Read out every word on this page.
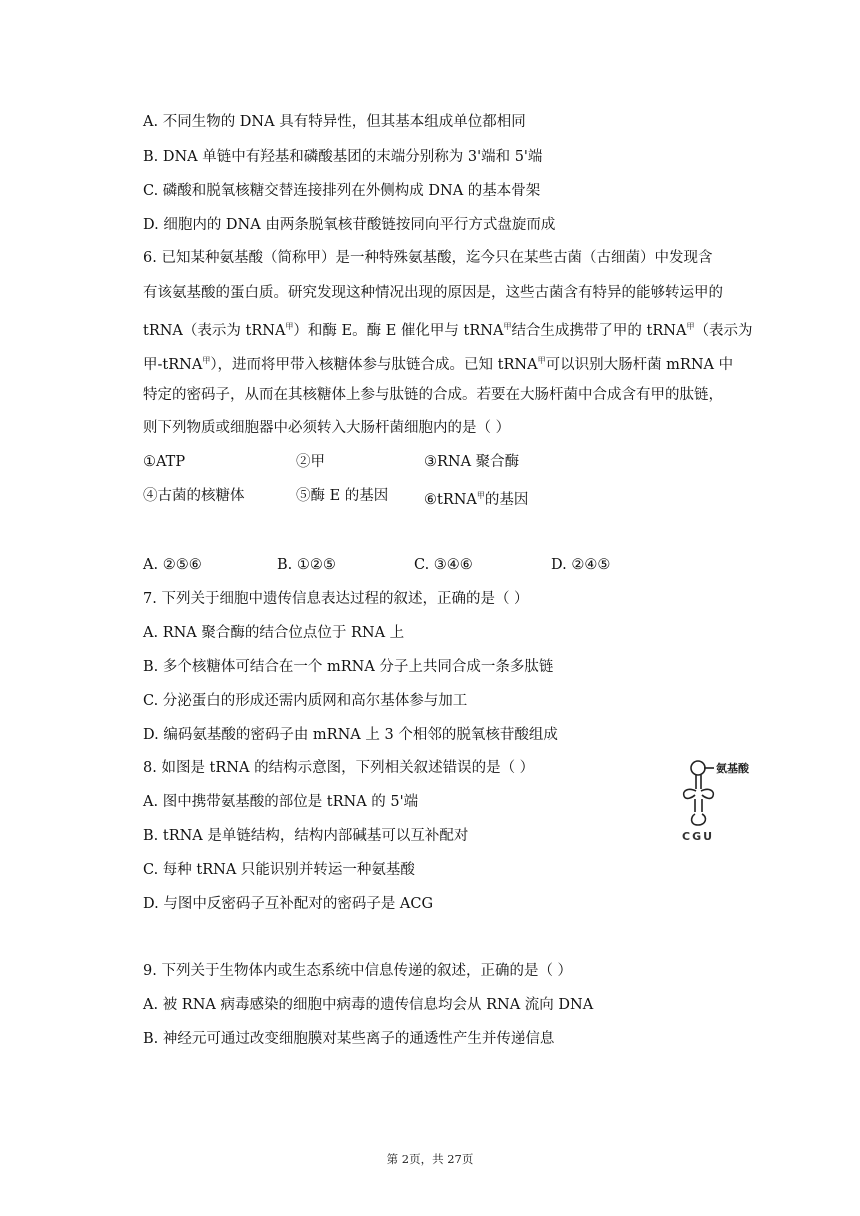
A. 不同生物的 DNA 具有特异性，但其基本组成单位都相同
B. DNA 单链中有羟基和磷酸基团的末端分别称为 3'端和 5'端
C. 磷酸和脱氧核糖交替连接排列在外侧构成 DNA 的基本骨架
D. 细胞内的 DNA 由两条脱氧核苷酸链按同向平行方式盘旋而成
6. 已知某种氨基酸（简称甲）是一种特殊氨基酸，迄今只在某些古菌（古细菌）中发现含
有该氨基酸的蛋白质。研究发现这种情况出现的原因是，这些古菌含有特异的能够转运甲的
tRNA（表示为 tRNA$^甲$）和酶 E。酶 E 催化甲与 tRNA$^甲$结合生成携带了甲的 tRNA$^甲$（表示为
甲-tRNA$^甲$），进而将甲带入核糖体参与肽链合成。已知 tRNA$^甲$可以识别大肠杆菌 mRNA 中
特定的密码子，从而在其核糖体上参与肽链的合成。若要在大肠杆菌中合成含有甲的肽链，
则下列物质或细胞器中必须转入大肠杆菌细胞内的是（ ）
①ATP	②甲	③RNA 聚合酶
④古菌的核糖体	⑤酶 E 的基因 ⑥tRNA$^甲$的基因
A. ②⑤⑥	B. ①②⑤	C. ③④⑥	D. ②④⑤
7. 下列关于细胞中遗传信息表达过程的叙述，正确的是（ ）
A. RNA 聚合酶的结合位点位于 RNA 上
B. 多个核糖体可结合在一个 mRNA 分子上共同合成一条多肽链
C. 分泌蛋白的形成还需内质网和高尔基体参与加工
D. 编码氨基酸的密码子由 mRNA 上 3 个相邻的脱氧核苷酸组成
8. 如图是 tRNA 的结构示意图，下列相关叙述错误的是（ ）
A. 图中携带氨基酸的部位是 tRNA 的 5'端
B. tRNA 是单链结构，结构内部碱基可以互补配对
C. 每种 tRNA 只能识别并转运一种氨基酸
D. 与图中反密码子互补配对的密码子是 ACG
氨基酸
CGU
9. 下列关于生物体内或生态系统中信息传递的叙述，正确的是（ ）
A. 被 RNA 病毒感染的细胞中病毒的遗传信息均会从 RNA 流向 DNA
B. 神经元可通过改变细胞膜对某些离子的通透性产生并传递信息
第 2页，共 27页
